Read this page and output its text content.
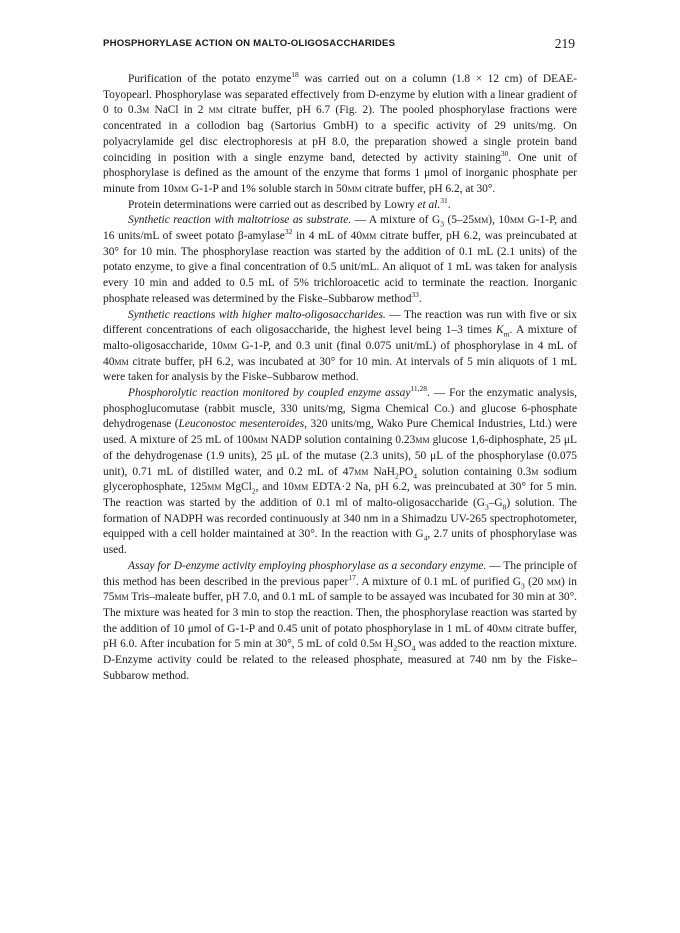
PHOSPHORYLASE ACTION ON MALTO-OLIGOSACCHARIDES	219

Purification of the potato enzyme$^{18}$ was carried out on a column (1.8 × 12 cm) of DEAE-Toyopearl. Phosphorylase was separated effectively from D-enzyme by elution with a linear gradient of 0 to 0.3m NaCl in 2 mm citrate buffer, pH 6.7 (Fig. 2). The pooled phosphorylase fractions were concentrated in a collodion bag (Sartorius GmbH) to a specific activity of 29 units/mg. On polyacrylamide gel disc electrophoresis at pH 8.0, the preparation showed a single protein band coinciding in position with a single enzyme band, detected by activity staining$^{30}$. One unit of phosphorylase is defined as the amount of the enzyme that forms 1 μmol of inorganic phosphate per minute from 10mm G-1-P and 1% soluble starch in 50mm citrate buffer, pH 6.2, at 30°.

Protein determinations were carried out as described by Lowry et al.$^{31}$.

Synthetic reaction with maltotriose as substrate. — A mixture of $G_3$ (5–25mm), 10mm G-1-P, and 16 units/mL of sweet potato β-amylase$^{32}$ in 4 mL of 40mm citrate buffer, pH 6.2, was preincubated at 30° for 10 min. The phosphorylase reaction was started by the addition of 0.1 mL (2.1 units) of the potato enzyme, to give a final concentration of 0.5 unit/mL. An aliquot of 1 mL was taken for analysis every 10 min and added to 0.5 mL of 5% trichloroacetic acid to terminate the reaction. Inorganic phosphate released was determined by the Fiske–Subbarow method$^{33}$.

Synthetic reactions with higher malto-oligosaccharides. — The reaction was run with five or six different concentrations of each oligosaccharide, the highest level being 1–3 times $K_m$. A mixture of malto-oligosaccharide, 10mm G-1-P, and 0.3 unit (final 0.075 unit/mL) of phosphorylase in 4 mL of 40mm citrate buffer, pH 6.2, was incubated at 30° for 10 min. At intervals of 5 min aliquots of 1 mL were taken for analysis by the Fiske–Subbarow method.

Phosphorolytic reaction monitored by coupled enzyme assay$^{11,28}$. — For the enzymatic analysis, phosphoglucomutase (rabbit muscle, 330 units/mg, Sigma Chemical Co.) and glucose 6-phosphate dehydrogenase (Leuconostoc mesenteroides, 320 units/mg, Wako Pure Chemical Industries, Ltd.) were used. A mixture of 25 mL of 100mm NADP solution containing 0.23mm glucose 1,6-diphosphate, 25 μL of the dehydrogenase (1.9 units), 25 μL of the mutase (2.3 units), 50 μL of the phosphorylase (0.075 unit), 0.71 mL of distilled water, and 0.2 mL of 47mm $NaH_2PO_4$ solution containing 0.3m sodium glycerophosphate, 125mm MgCl$_2$, and 10mm EDTA·2 Na, pH 6.2, was preincubated at 30° for 5 min. The reaction was started by the addition of 0.1 ml of malto-oligosaccharide $(G_3-G_8)$ solution. The formation of NADPH was recorded continuously at 340 nm in a Shimadzu UV-265 spectrophotometer, equipped with a cell holder maintained at 30°. In the reaction with $G_4$, 2.7 units of phosphorylase was used.

Assay for D-enzyme activity employing phosphorylase as a secondary enzyme. — The principle of this method has been described in the previous paper$^{17}$. A mixture of 0.1 mL of purified $G_3$ (20 mm) in 75mm Tris–maleate buffer, pH 7.0, and 0.1 mL of sample to be assayed was incubated for 30 min at 30°. The mixture was heated for 3 min to stop the reaction. Then, the phosphorylase reaction was started by the addition of 10 μmol of G-1-P and 0.45 unit of potato phosphorylase in 1 mL of 40mm citrate buffer, pH 6.0. After incubation for 5 min at 30°, 5 mL of cold 0.5m $H_2SO_4$ was added to the reaction mixture. D-Enzyme activity could be related to the released phosphate, measured at 740 nm by the Fiske–Subbarow method.
